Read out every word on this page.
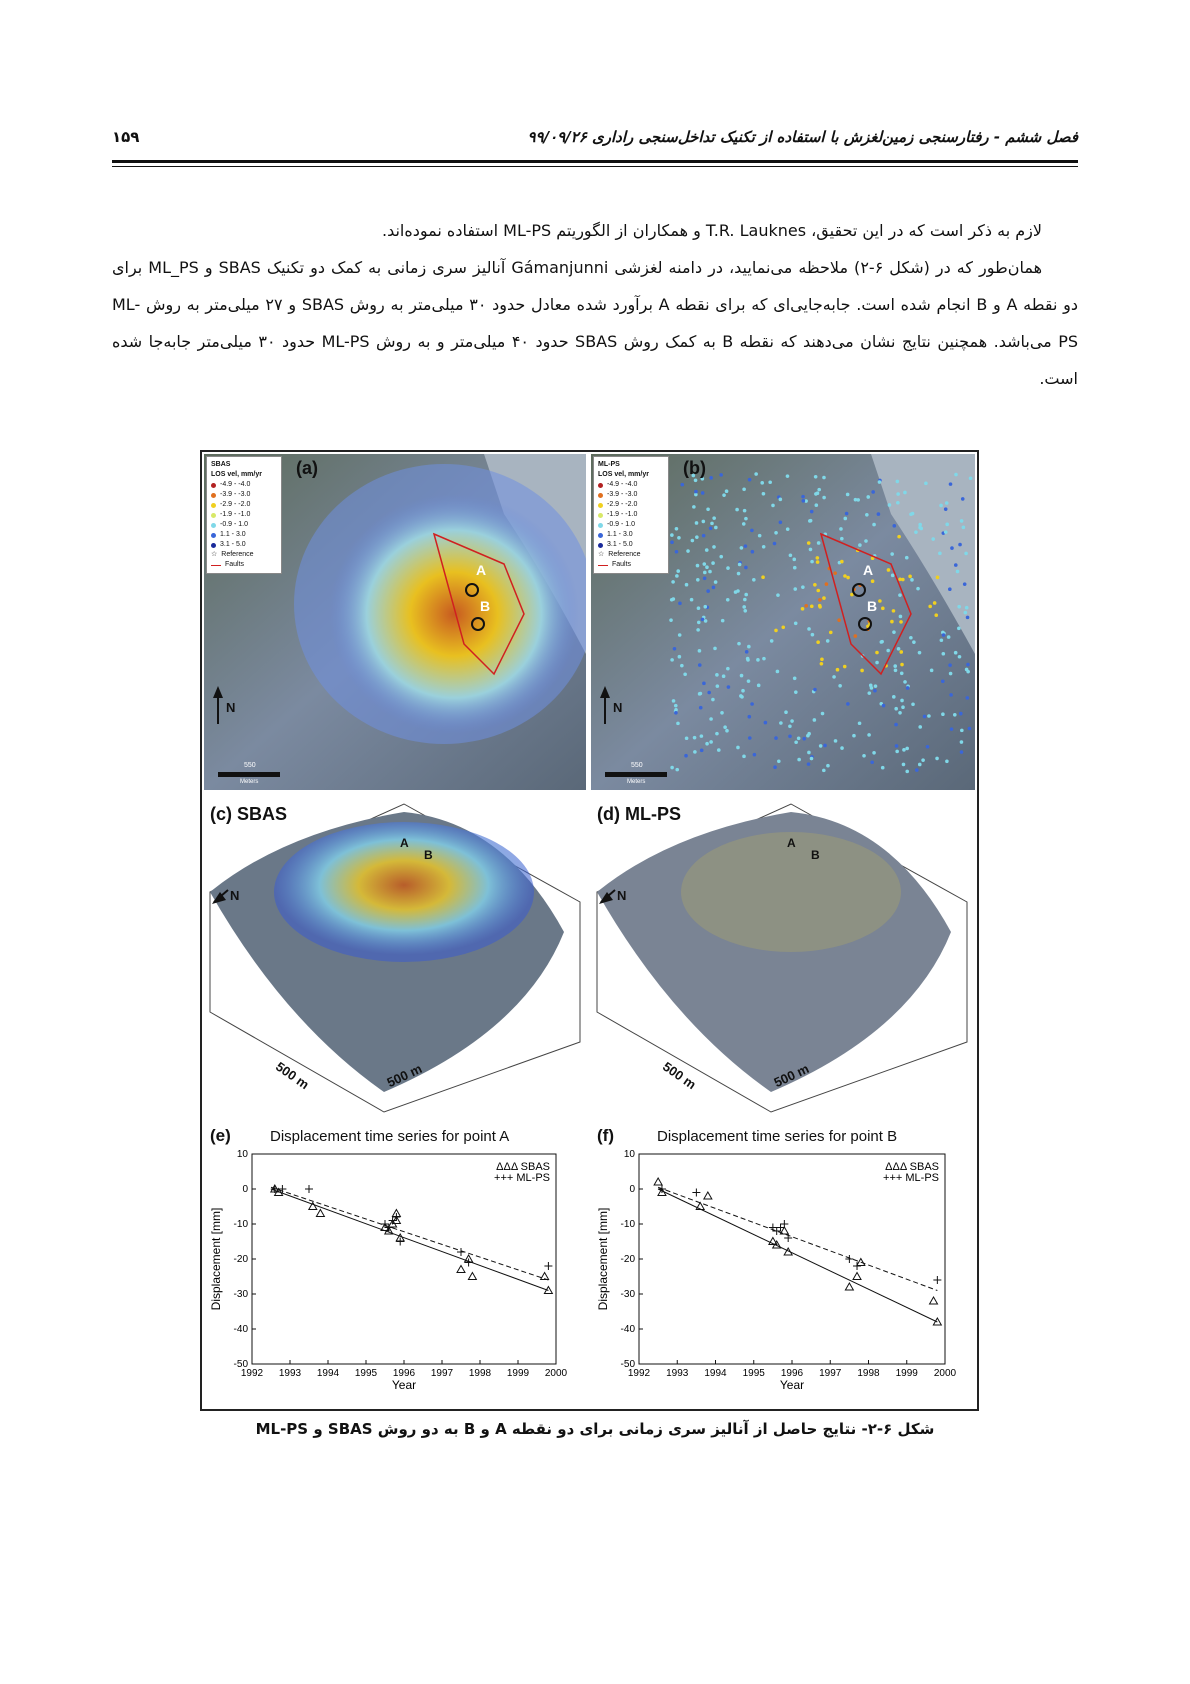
فصل ششم - رفتارسنجی زمین‌لغزش با استفاده از تکنیک تداخل‌سنجی راداری ۹۹/۰۹/۲۶
۱۵۹

لازم به ذکر است که در این تحقیق، T.R. Lauknes و همکاران از الگوریتم ML-PS استفاده نموده‌اند.

همان‌طور که در (شکل ۶-۲) ملاحظه می‌نمایید، در دامنه لغزشی Gámanjunni آنالیز سری زمانی به کمک دو تکنیک SBAS و ML_PS برای دو نقطه A و B انجام شده است. جابه‌جایی‌ای که برای نقطه A برآورد شده معادل حدود ۳۰ میلی‌متر به روش SBAS و ۲۷ میلی‌متر به روش ML-PS می‌باشد. همچنین نتایج نشان می‌دهند که نقطه B به کمک روش SBAS حدود ۴۰ میلی‌متر و به روش ML-PS حدود ۳۰ میلی‌متر جابه‌جا شده است.

(a)
A
B
N
550
Meters
SBAS
LOS vel, mm/yr
-4.9 - -4.0
-3.9 - -3.0
-2.9 - -2.0
-1.9 - -1.0
-0.9 - 1.0
1.1 - 3.0
3.1 - 5.0
☆ Reference
Faults
(b)
A
B
N
550
Meters
ML-PS
LOS vel, mm/yr
-4.9 - -4.0
-3.9 - -3.0
-2.9 - -2.0
-1.9 - -1.0
-0.9 - 1.0
1.1 - 3.0
3.1 - 5.0
☆ Reference
Faults
(c) SBAS
N
A
B
500 m	500 m
(d) ML-PS
N
A
B
500 m	500 m
(e)	Displacement time series for point A
1992 1993 1994 1995 1996 1997 1998 1999 2000
10
0
-10
-20
-30
-40
-50
Year
Displacement [mm]
ΔΔΔ SBAS
+++ ML-PS
(f)	Displacement time series for point B
1992 1993 1994 1995 1996 1997 1998 1999 2000
10
0
-10
-20
-30
-40
-50
Year
Displacement [mm]
ΔΔΔ SBAS
+++ ML-PS
شکل ۶-۲- نتایج حاصل از آنالیز سری زمانی برای دو نقطه A و B به دو روش SBAS و ML-PS
